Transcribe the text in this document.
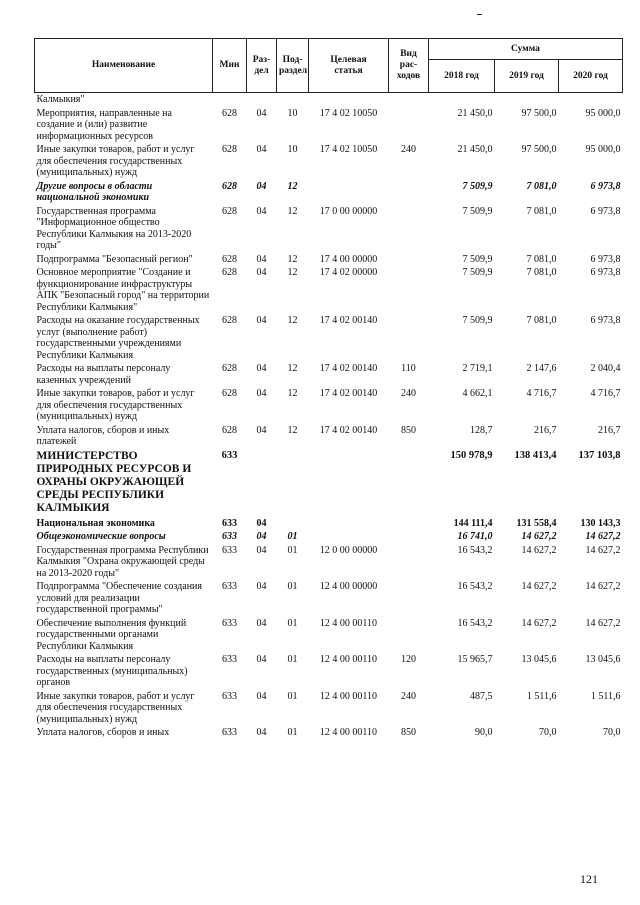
Наименование	Мин	Раз-
дел	Под-
раздел	Целевая
статья	Вид
рас-
ходов	Сумма		
						2018 год	2019 год	2020 год
Калмыкия"								
Мероприятия, направленные на создание и (или) развитие информационных ресурсов	628	04	10	17 4 02 10050		21 450,0	97 500,0	95 000,0
Иные закупки товаров, работ и услуг для обеспечения государственных (муниципальных) нужд	628	04	10	17 4 02 10050	240	21 450,0	97 500,0	95 000,0
Другие вопросы в области национальной экономики	628	04	12			7 509,9	7 081,0	6 973,8
Государственная программа "Информационное общество Республики Калмыкия на 2013-2020 годы"	628	04	12	17 0 00 00000		7 509,9	7 081,0	6 973,8
Подпрограмма "Безопасный регион"	628	04	12	17 4 00 00000		7 509,9	7 081,0	6 973,8
Основное мероприятие "Создание и функционирование инфраструктуры АПК "Безопасный город" на территории Республики Калмыкия"	628	04	12	17 4 02 00000		7 509,9	7 081,0	6 973,8
Расходы на оказание государственных услуг (выполнение работ) государственными учреждениями Республики Калмыкия	628	04	12	17 4 02 00140		7 509,9	7 081,0	6 973,8
Расходы на выплаты персоналу казенных учреждений	628	04	12	17 4 02 00140	110	2 719,1	2 147,6	2 040,4
Иные закупки товаров, работ и услуг для обеспечения государственных (муниципальных) нужд	628	04	12	17 4 02 00140	240	4 662,1	4 716,7	4 716,7
Уплата налогов, сборов и иных платежей	628	04	12	17 4 02 00140	850	128,7	216,7	216,7
МИНИСТЕРСТВО ПРИРОДНЫХ РЕСУРСОВ И ОХРАНЫ ОКРУЖАЮЩЕЙ СРЕДЫ РЕСПУБЛИКИ КАЛМЫКИЯ	633					150 978,9	138 413,4	137 103,8
Национальная экономика	633	04				144 111,4	131 558,4	130 143,3
Общеэкономические вопросы	633	04	01			16 741,0	14 627,2	14 627,2
Государственная программа Республики Калмыкия "Охрана окружающей среды на 2013-2020 годы"	633	04	01	12 0 00 00000		16 543,2	14 627,2	14 627,2
Подпрограмма "Обеспечение создания условий для реализации государственной программы"	633	04	01	12 4 00 00000		16 543,2	14 627,2	14 627,2
Обеспечение выполнения функций государственными органами Республики Калмыкия	633	04	01	12 4 00 00110		16 543,2	14 627,2	14 627,2
Расходы на выплаты персоналу государственных (муниципальных) органов	633	04	01	12 4 00 00110	120	15 965,7	13 045,6	13 045,6
Иные закупки товаров, работ и услуг для обеспечения государственных (муниципальных) нужд	633	04	01	12 4 00 00110	240	487,5	1 511,6	1 511,6
Уплата налогов, сборов и иных	633	04	01	12 4 00 00110	850	90,0	70,0	70,0
121
